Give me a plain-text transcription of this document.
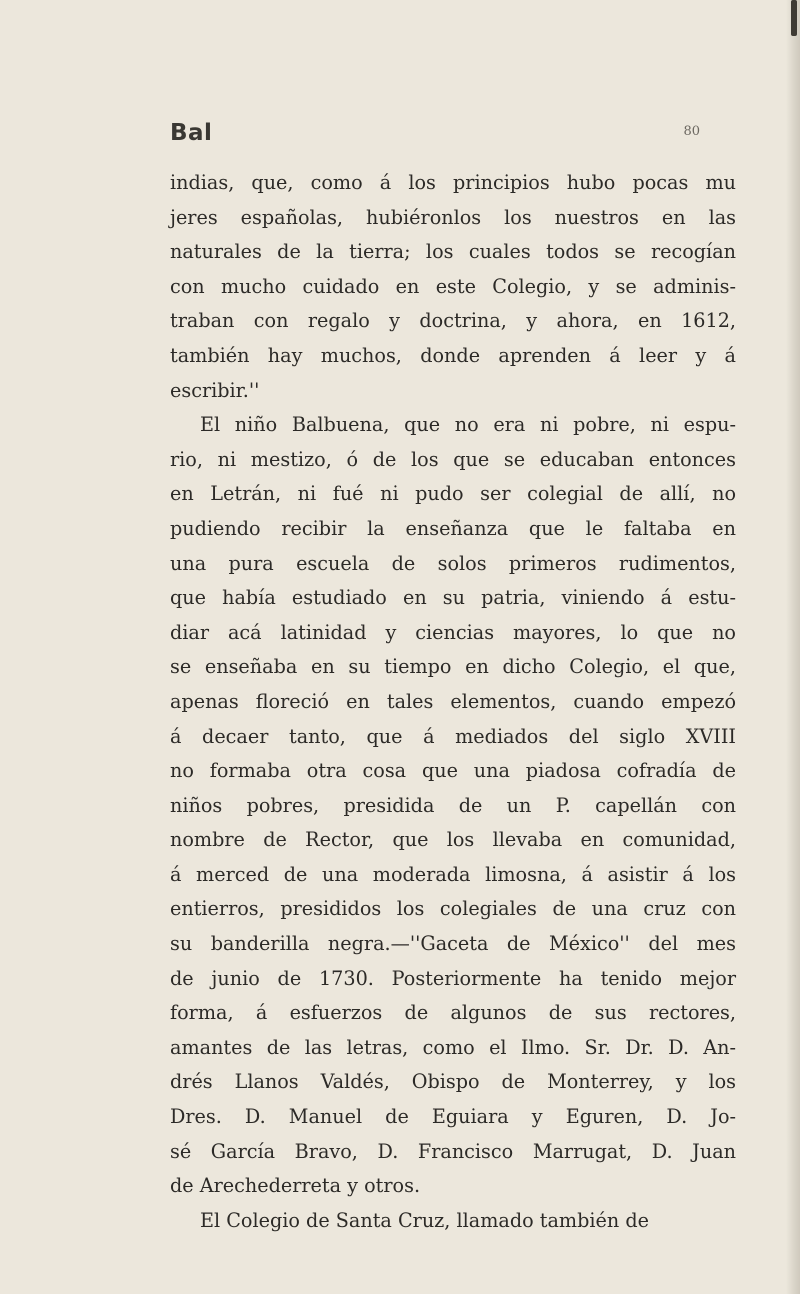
Bal	80
indias, que, como á los principios hubo pocas mu
jeres españolas, hubiéronlos los nuestros en las
naturales de la tierra; los cuales todos se recogían
con mucho cuidado en este Colegio, y se adminis-
traban con regalo y doctrina, y ahora, en 1612,
también hay muchos, donde aprenden á leer y á
escribir.''
El niño Balbuena, que no era ni pobre, ni espu-
rio, ni mestizo, ó de los que se educaban entonces
en Letrán, ni fué ni pudo ser colegial de allí, no
pudiendo recibir la enseñanza que le faltaba en
una pura escuela de solos primeros rudimentos,
que había estudiado en su patria, viniendo á estu-
diar acá latinidad y ciencias mayores, lo que no
se enseñaba en su tiempo en dicho Colegio, el que,
apenas floreció en tales elementos, cuando empezó
á decaer tanto, que á mediados del siglo XVIII
no formaba otra cosa que una piadosa cofradía de
niños pobres, presidida de un P. capellán con
nombre de Rector, que los llevaba en comunidad,
á merced de una moderada limosna, á asistir á los
entierros, presididos los colegiales de una cruz con
su banderilla negra.—''Gaceta de México'' del mes
de junio de 1730. Posteriormente ha tenido mejor
forma, á esfuerzos de algunos de sus rectores,
amantes de las letras, como el Ilmo. Sr. Dr. D. An-
drés Llanos Valdés, Obispo de Monterrey, y los
Dres. D. Manuel de Eguiara y Eguren, D. Jo-
sé García Bravo, D. Francisco Marrugat, D. Juan
de Arechederreta y otros.
El Colegio de Santa Cruz, llamado también de
